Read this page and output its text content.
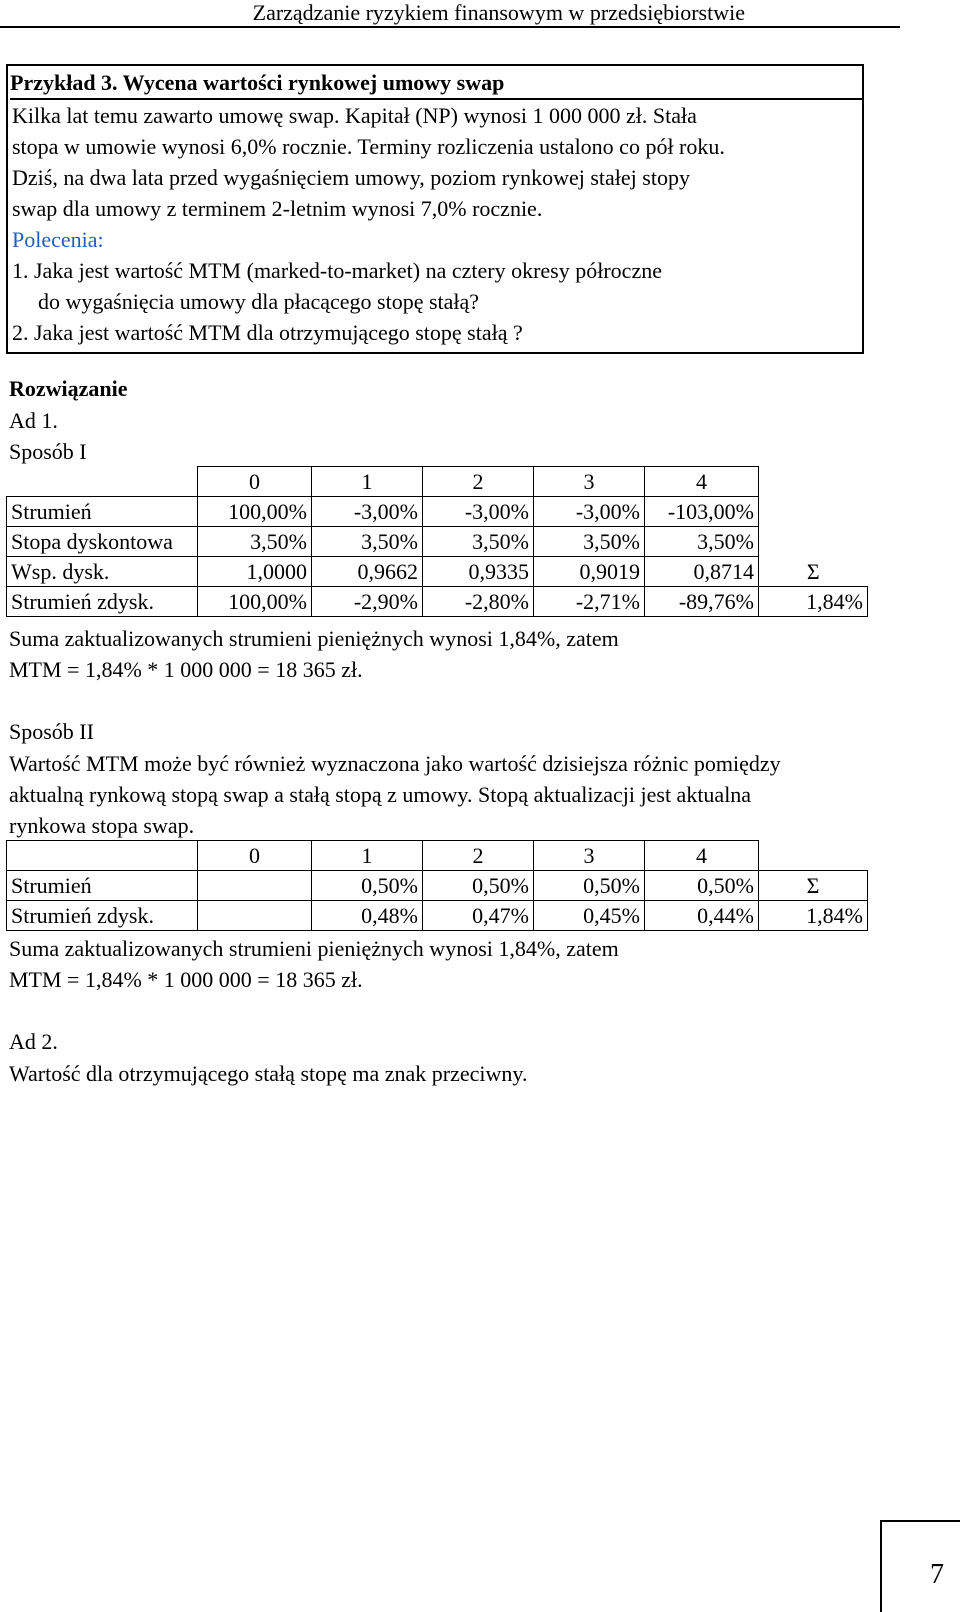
Zarządzanie ryzykiem finansowym w przedsiębiorstwie
Przykład 3. Wycena wartości rynkowej umowy swap
Kilka lat temu zawarto umowę swap. Kapitał (NP) wynosi 1 000 000 zł. Stała
stopa w umowie wynosi 6,0% rocznie. Terminy rozliczenia ustalono co pół roku.
Dziś, na dwa lata przed wygaśnięciem umowy, poziom rynkowej stałej stopy
swap dla umowy z terminem 2-letnim wynosi 7,0% rocznie.
Polecenia:
1. Jaka jest wartość MTM (marked-to-market) na cztery okresy półroczne
do wygaśnięcia umowy dla płacącego stopę stałą?
2. Jaka jest wartość MTM dla otrzymującego stopę stałą ?
Rozwiązanie
Ad 1.
Sposób I
	0	1	2	3	4	
Strumień	100,00%	-3,00%	-3,00%	-3,00%	-103,00%	
Stopa dyskontowa	3,50%	3,50%	3,50%	3,50%	3,50%	
Wsp. dysk.	1,0000	0,9662	0,9335	0,9019	0,8714	Σ
Strumień zdysk.	100,00%	-2,90%	-2,80%	-2,71%	-89,76%	1,84%
Suma zaktualizowanych strumieni pieniężnych wynosi 1,84%, zatem
MTM = 1,84% * 1 000 000 = 18 365 zł.
Sposób II
Wartość MTM może być również wyznaczona jako wartość dzisiejsza różnic pomiędzy
aktualną rynkową stopą swap a stałą stopą z umowy. Stopą aktualizacji jest aktualna
rynkowa stopa swap.
	0	1	2	3	4	
Strumień		0,50%	0,50%	0,50%	0,50%	Σ
Strumień zdysk.		0,48%	0,47%	0,45%	0,44%	1,84%
Suma zaktualizowanych strumieni pieniężnych wynosi 1,84%, zatem
MTM = 1,84% * 1 000 000 = 18 365 zł.
Ad 2.
Wartość dla otrzymującego stałą stopę ma znak przeciwny.
7
